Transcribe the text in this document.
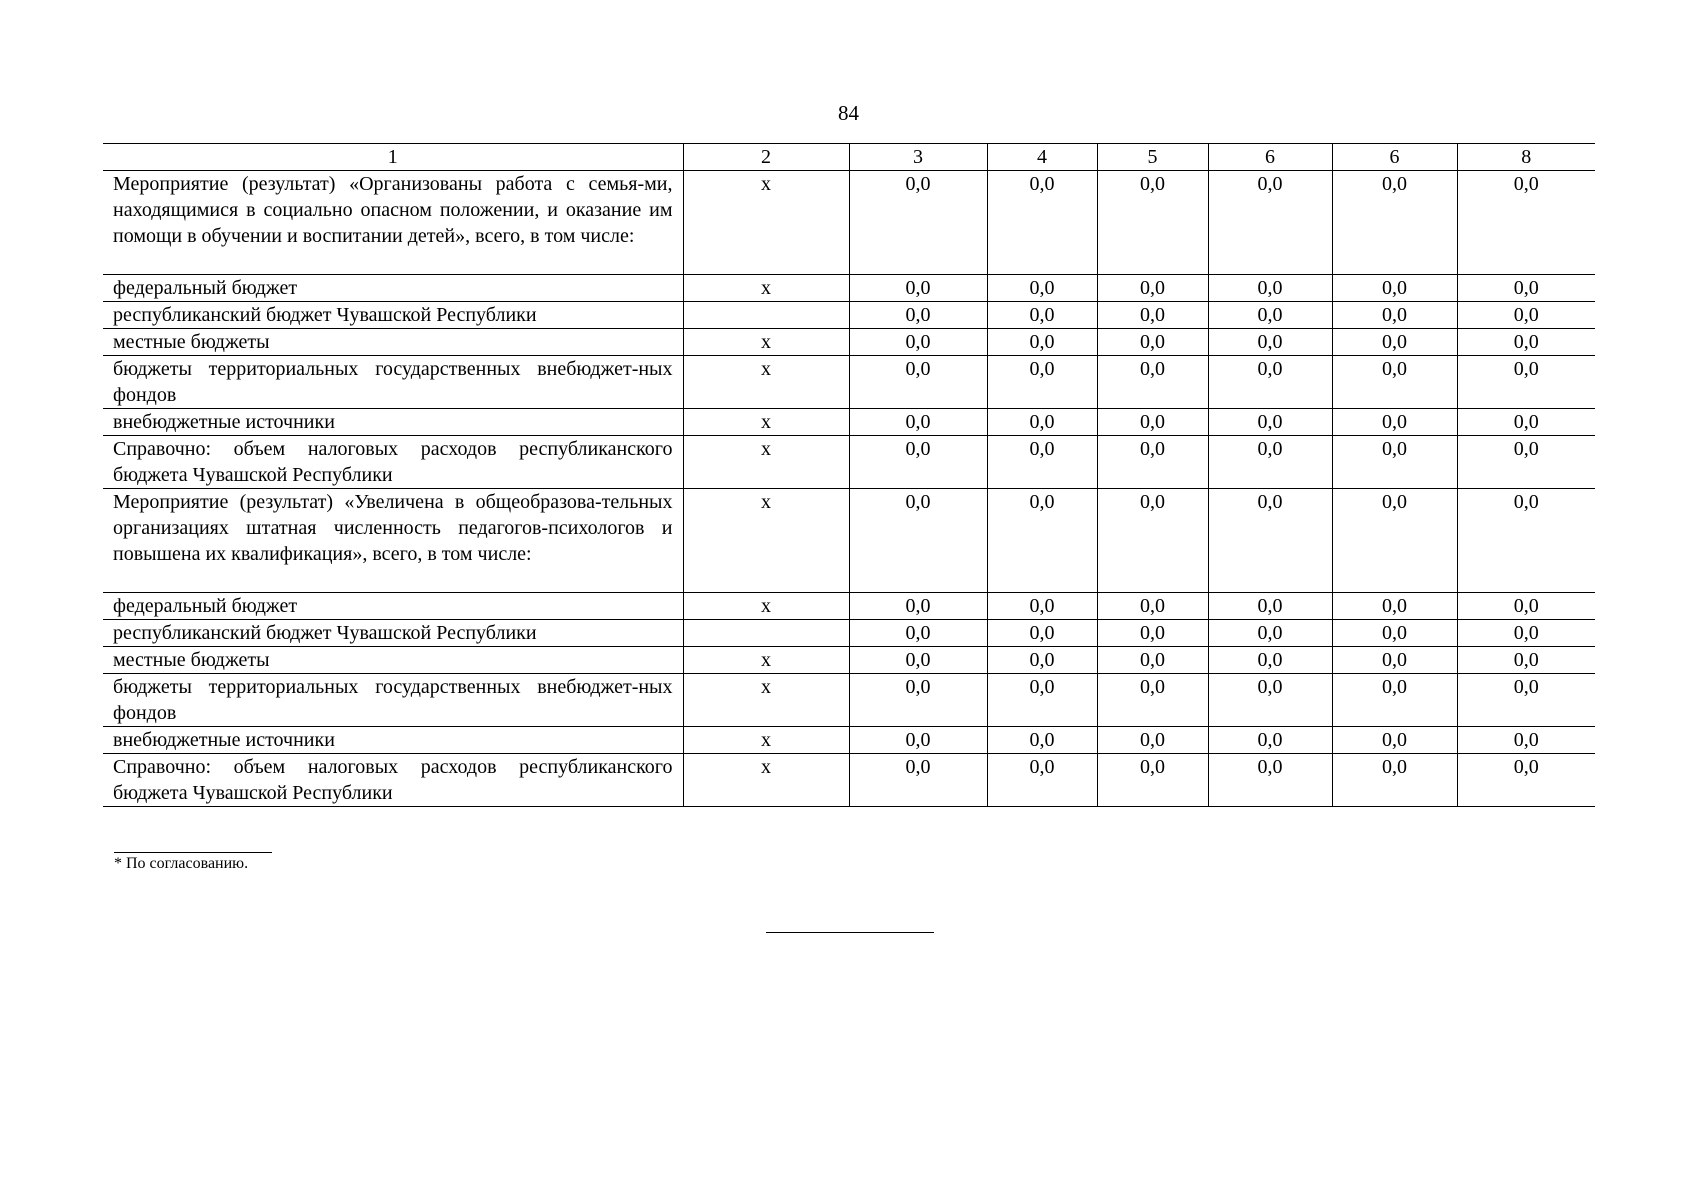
84
1	2	3	4	5	6	6	8
Мероприятие (результат) «Организованы работа с семья-ми, находящимися в социально опасном положении, и оказание им помощи в обучении и воспитании детей», всего, в том числе:	х	0,0	0,0	0,0	0,0	0,0	0,0
федеральный бюджет	х	0,0	0,0	0,0	0,0	0,0	0,0
республиканский бюджет Чувашской Республики		0,0	0,0	0,0	0,0	0,0	0,0
местные бюджеты	х	0,0	0,0	0,0	0,0	0,0	0,0
бюджеты территориальных государственных внебюджет-ных фондов	х	0,0	0,0	0,0	0,0	0,0	0,0
внебюджетные источники	х	0,0	0,0	0,0	0,0	0,0	0,0
Справочно: объем налоговых расходов республиканского бюджета Чувашской Республики	х	0,0	0,0	0,0	0,0	0,0	0,0
Мероприятие (результат) «Увеличена в общеобразова-тельных организациях штатная численность педагогов-психологов и повышена их квалификация», всего, в том числе:	х	0,0	0,0	0,0	0,0	0,0	0,0
федеральный бюджет	х	0,0	0,0	0,0	0,0	0,0	0,0
республиканский бюджет Чувашской Республики		0,0	0,0	0,0	0,0	0,0	0,0
местные бюджеты	х	0,0	0,0	0,0	0,0	0,0	0,0
бюджеты территориальных государственных внебюджет-ных фондов	х	0,0	0,0	0,0	0,0	0,0	0,0
внебюджетные источники	х	0,0	0,0	0,0	0,0	0,0	0,0
Справочно: объем налоговых расходов республиканского бюджета Чувашской Республики	х	0,0	0,0	0,0	0,0	0,0	0,0
* По согласованию.
